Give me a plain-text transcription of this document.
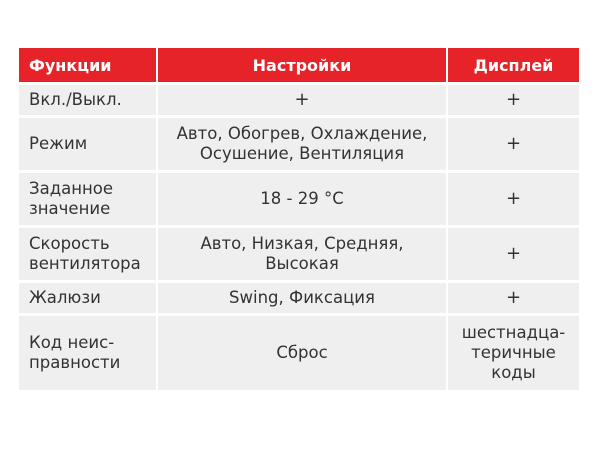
Функции	Настройки	Дисплей
Вкл./Выкл.	+	+
Режим	Авто, Обогрев, Охлаждение, Осушение, Вентиляция	+
Заданное значение	18 - 29 °C	+
Скорость вентилятора	Авто, Низкая, Средняя, Высокая	+
Жалюзи	Swing, Фиксация	+
Код неис-правности	Сброс	шестнадца-теричные коды
